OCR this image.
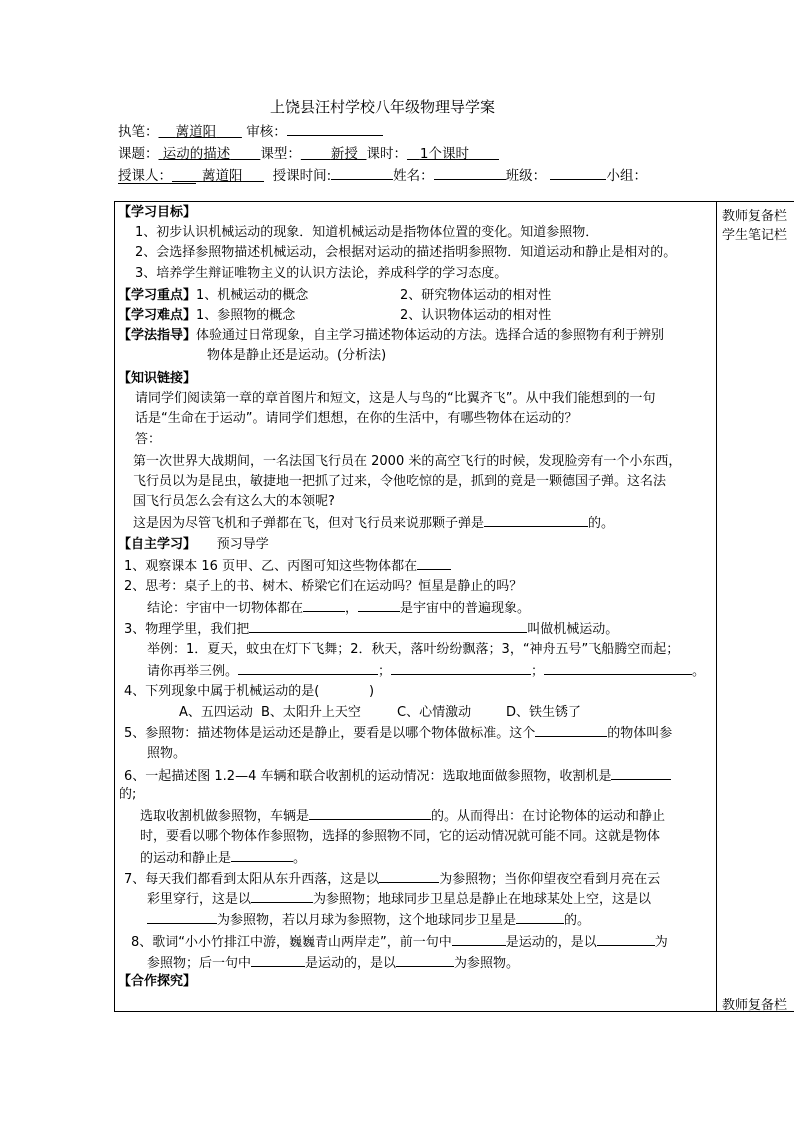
上饶县汪村学校八年级物理导学案
执笔： 蓠道阳 审核：
课题： 运动的描述 课型： 新授 课时： 1个课时
授课人： 蓠道阳 授课时间:	姓名：	班级：	小组：
教师复备栏
学生笔记栏
教师复备栏
【学习目标】
1、初步认识机械运动的现象．知道机械运动是指物体位置的变化。知道参照物．
2、会选择参照物描述机械运动，会根据对运动的描述指明参照物．知道运动和静止是相对的。
3、培养学生辩证唯物主义的认识方法论，养成科学的学习态度。
【学习重点】1、机械运动的概念	2、研究物体运动的相对性
【学习难点】1、参照物的概念	2、认识物体运动的相对性
【学法指导】体验通过日常现象，自主学习描述物体运动的方法。选择合适的参照物有利于辨别
物体是静止还是运动。(分析法)
【知识链接】
请同学们阅读第一章的章首图片和短文，这是人与鸟的“比翼齐飞”。从中我们能想到的一句
话是“生命在于运动”。请同学们想想，在你的生活中，有哪些物体在运动的？
答：
第一次世界大战期间，一名法国飞行员在 2000 米的高空飞行的时候，发现脸旁有一个小东西，
飞行员以为是昆虫，敏捷地一把抓了过来，令他吃惊的是，抓到的竟是一颗德国子弹。这名法
国飞行员怎么会有这么大的本领呢?
这是因为尽管飞机和子弹都在飞，但对飞行员来说那颗子弹是	的。
【自主学习】 预习导学
1、观察课本 16 页甲、乙、丙图可知这些物体都在
2、思考：桌子上的书、树木、桥梁它们在运动吗？恒星是静止的吗？
结论：宇宙中一切物体都在	，	是宇宙中的普遍现象。
3、物理学里，我们把	叫做机械运动。
举例：1．夏天，蚊虫在灯下飞舞；2．秋天，落叶纷纷飘落；3，“神舟五号”飞船腾空而起；
请你再举三例。	；	；	。
4、下列现象中属于机械运动的是(	)
A、五四运动 B、太阳升上天空	C、心情激动	D、铁生锈了
5、参照物：描述物体是运动还是静止，要看是以哪个物体做标准。这个	的物体叫参
照物。
6、一起描述图 1.2—4 车辆和联合收割机的运动情况：选取地面做参照物，收割机是
的;
选取收割机做参照物，车辆是	的。从而得出：在讨论物体的运动和静止
时，要看以哪个物体作参照物，选择的参照物不同，它的运动情况就可能不同。这就是物体
的运动和静止是	。
7、每天我们都看到太阳从东升西落，这是以	为参照物；当你仰望夜空看到月亮在云
彩里穿行，这是以	为参照物；地球同步卫星总是静止在地球某处上空，这是以
为参照物，若以月球为参照物，这个地球同步卫星是	的。
8、歌词“小小竹排江中游，巍巍青山两岸走”，前一句中	是运动的，是以	为
参照物；后一句中	是运动的，是以	为参照物。
【合作探究】
